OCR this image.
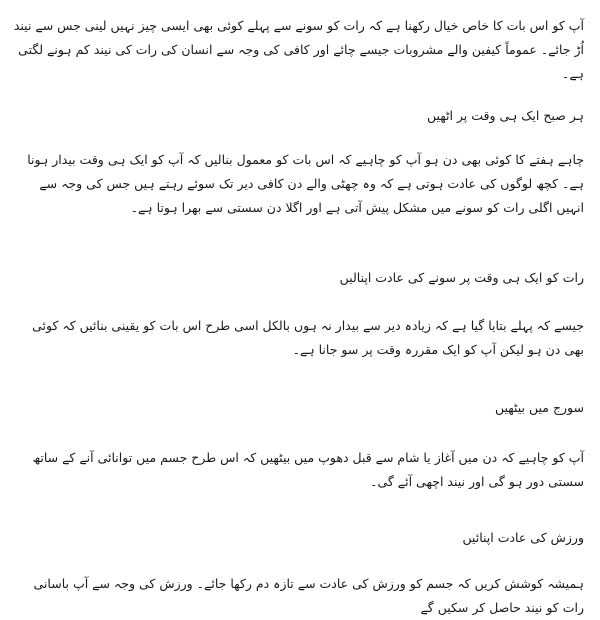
آپ کو اس بات کا خاص خیال رکھنا ہے کہ رات کو سونے سے پہلے کوئی بھی ایسی چیز نہیں لینی جس سے نیند اُڑ جائے۔ عموماً کیفین والے مشروبات جیسے چائے اور کافی کی وجہ سے انسان کی رات کی نیند کم ہونے لگتی ہے۔

ہر صبح ایک ہی وقت پر اٹھیں

چاہے ہفتے کا کوئی بھی دن ہو آپ کو چاہیے کہ اس بات کو معمول بنالیں کہ آپ کو ایک ہی وقت بیدار ہونا ہے۔ کچھ لوگوں کی عادت ہوتی ہے کہ وہ چھٹی والے دن کافی دیر تک سوئے رہتے ہیں جس کی وجہ سے انہیں اگلی رات کو سونے میں مشکل پیش آتی ہے اور اگلا دن سستی سے بھرا ہوتا ہے۔

رات کو ایک ہی وقت پر سونے کی عادت اپنالیں

جیسے کہ پہلے بتایا گیا ہے کہ زیادہ دیر سے بیدار نہ ہوں بالکل اسی طرح اس بات کو یقینی بنائیں کہ کوئی بھی دن ہو لیکن آپ کو ایک مقررہ وقت پر سو جانا ہے۔

سورج میں بیٹھیں

آپ کو چاہیے کہ دن میں آغاز یا شام سے قبل دھوپ میں بیٹھیں کہ اس طرح جسم میں توانائی آنے کے ساتھ سستی دور ہو گی اور نیند اچھی آئے گی۔

ورزش کی عادت اپنائیں

ہمیشہ کوشش کریں کہ جسم کو ورزش کی عادت سے تازہ دم رکھا جائے۔ ورزش کی وجہ سے آپ باسانی رات کو نیند حاصل کر سکیں گے
